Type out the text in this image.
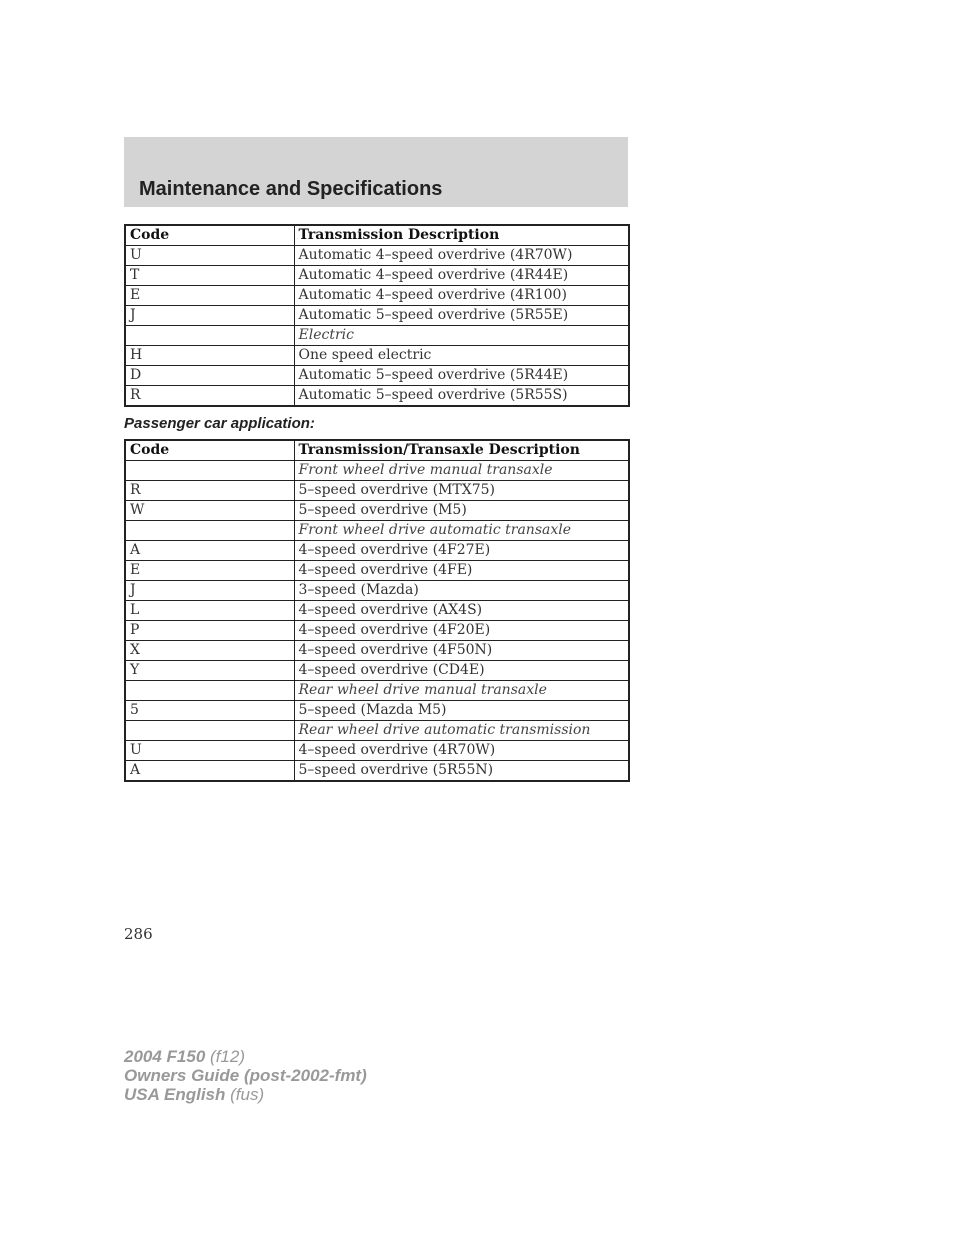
Maintenance and Specifications
Code	Transmission Description
U	Automatic 4–speed overdrive (4R70W)
T	Automatic 4–speed overdrive (4R44E)
E	Automatic 4–speed overdrive (4R100)
J	Automatic 5–speed overdrive (5R55E)
	Electric
H	One speed electric
D	Automatic 5–speed overdrive (5R44E)
R	Automatic 5–speed overdrive (5R55S)
Passenger car application:
Code	Transmission/Transaxle Description
	Front wheel drive manual transaxle
R	5–speed overdrive (MTX75)
W	5–speed overdrive (M5)
	Front wheel drive automatic transaxle
A	4–speed overdrive (4F27E)
E	4–speed overdrive (4FE)
J	3–speed (Mazda)
L	4–speed overdrive (AX4S)
P	4–speed overdrive (4F20E)
X	4–speed overdrive (4F50N)
Y	4–speed overdrive (CD4E)
	Rear wheel drive manual transaxle
5	5–speed (Mazda M5)
	Rear wheel drive automatic transmission
U	4–speed overdrive (4R70W)
A	5–speed overdrive (5R55N)
286
2004 F150 (f12)
Owners Guide (post-2002-fmt)
USA English (fus)
